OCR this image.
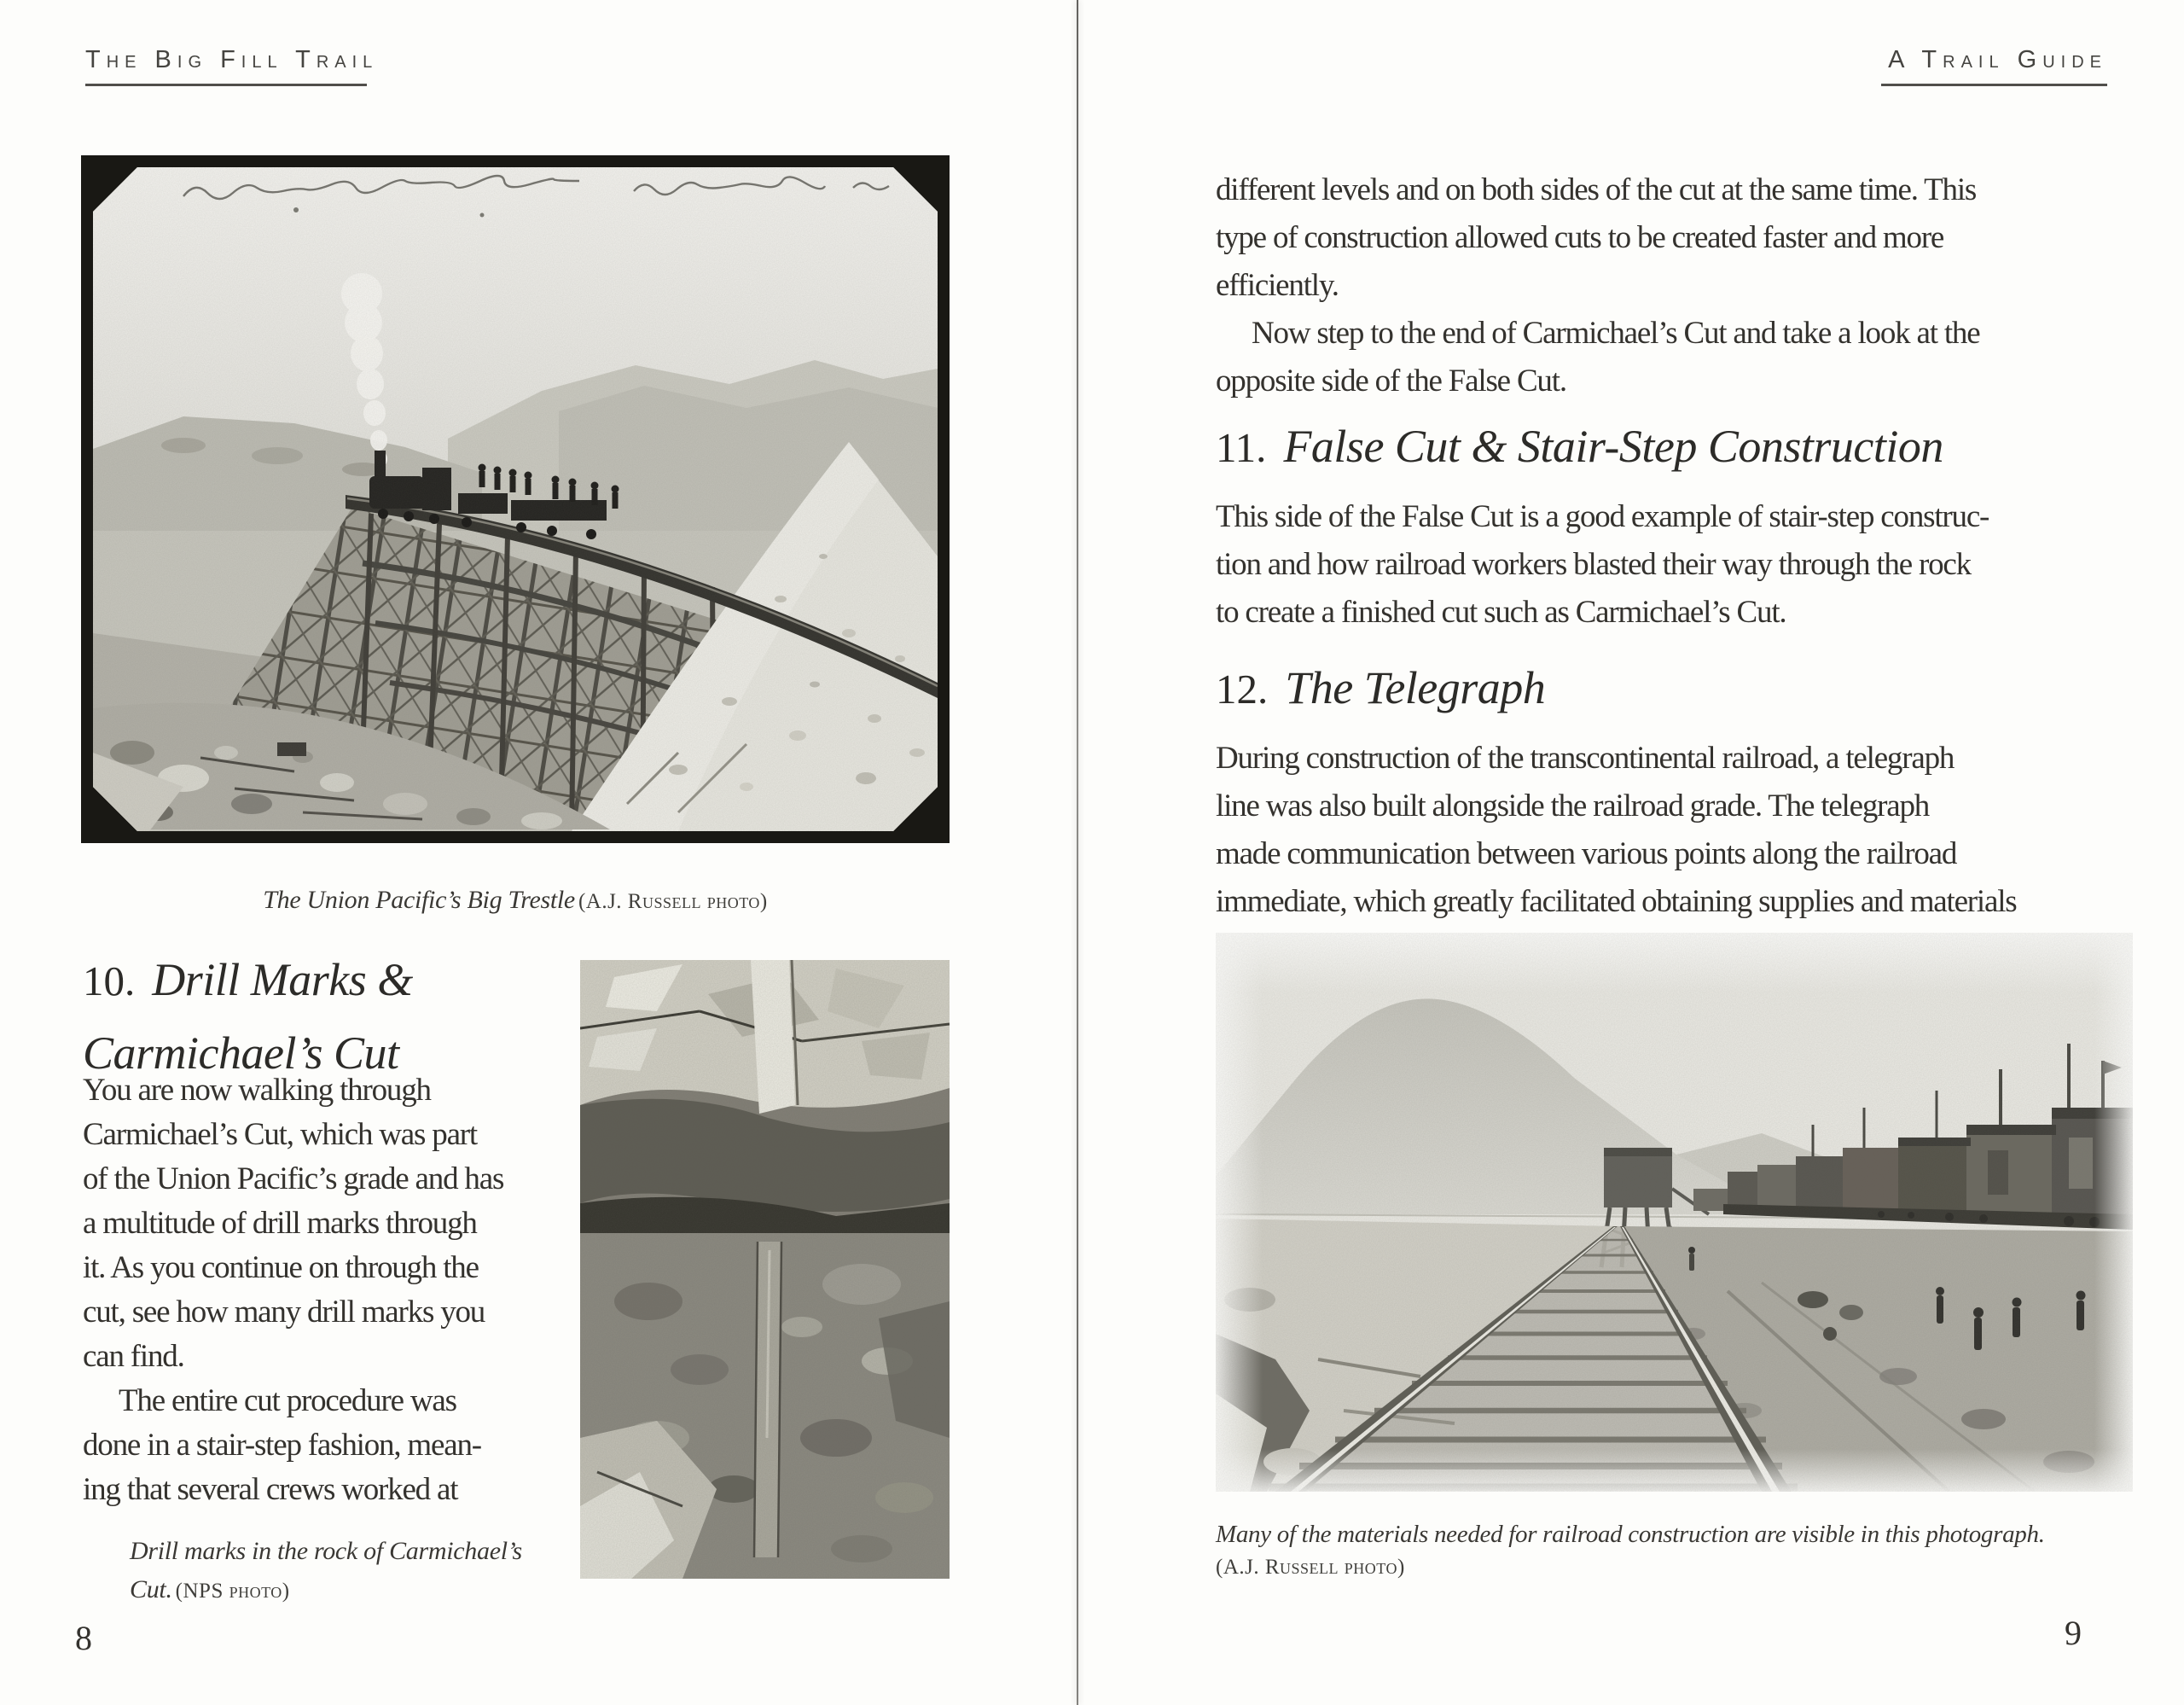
The Big Fill Trail
The Union Pacific’s Big Trestle (A.J. Russell photo)
10. Drill Marks &
Carmichael’s Cut
You are now walking through
Carmichael’s Cut, which was part
of the Union Pacific’s grade and has
a multitude of drill marks through
it. As you continue on through the
cut, see how many drill marks you
can find.
The entire cut procedure was
done in a stair-step fashion, mean-
ing that several crews worked at
Drill marks in the rock of Carmichael’s
Cut. (NPS photo)
8
A Trail Guide
different levels and on both sides of the cut at the same time. This
type of construction allowed cuts to be created faster and more
efficiently.
Now step to the end of Carmichael’s Cut and take a look at the
opposite side of the False Cut.
11. False Cut & Stair-Step Construction
This side of the False Cut is a good example of stair-step construc-
tion and how railroad workers blasted their way through the rock
to create a finished cut such as Carmichael’s Cut.
12. The Telegraph
During construction of the transcontinental railroad, a telegraph
line was also built alongside the railroad grade. The telegraph
made communication between various points along the railroad
immediate, which greatly facilitated obtaining supplies and materials
Many of the materials needed for railroad construction are visible in this photograph.
(A.J. Russell photo)
9
